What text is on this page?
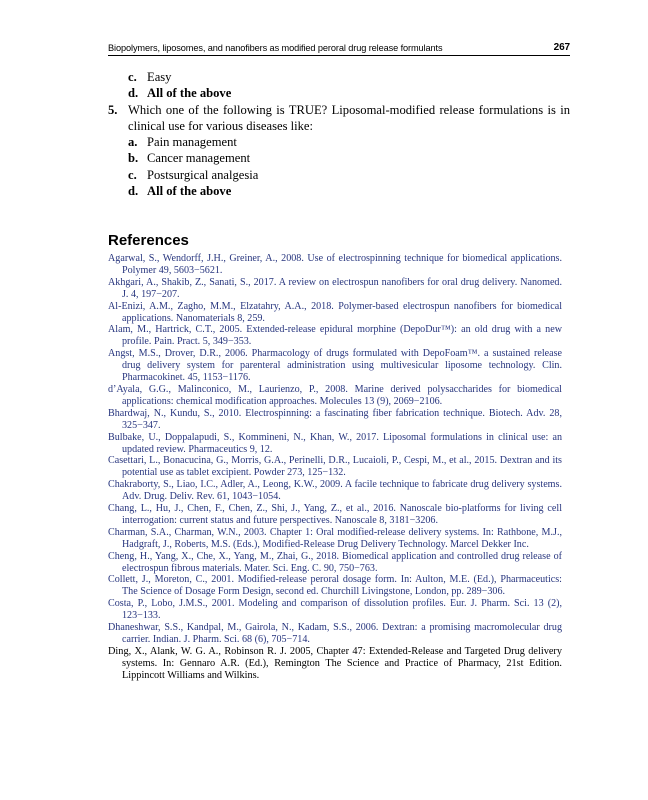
Biopolymers, liposomes, and nanofibers as modified peroral drug release formulants	267
c. Easy
d. All of the above
5. Which one of the following is TRUE? Liposomal-modified release formulations is in clinical use for various diseases like:
a. Pain management
b. Cancer management
c. Postsurgical analgesia
d. All of the above
References

Agarwal, S., Wendorff, J.H., Greiner, A., 2008. Use of electrospinning technique for biomedical applications. Polymer 49, 5603−5621.

Akhgari, A., Shakib, Z., Sanati, S., 2017. A review on electrospun nanofibers for oral drug delivery. Nanomed. J. 4, 197−207.

Al-Enizi, A.M., Zagho, M.M., Elzatahry, A.A., 2018. Polymer-based electrospun nanofibers for biomedical applications. Nanomaterials 8, 259.

Alam, M., Hartrick, C.T., 2005. Extended-release epidural morphine (DepoDur™): an old drug with a new profile. Pain. Pract. 5, 349−353.

Angst, M.S., Drover, D.R., 2006. Pharmacology of drugs formulated with DepoFoam™. a sustained release drug delivery system for parenteral administration using multivesicular liposome technology. Clin. Pharmacokinet. 45, 1153−1176.

d’Ayala, G.G., Malinconico, M., Laurienzo, P., 2008. Marine derived polysaccharides for biomedical applications: chemical modification approaches. Molecules 13 (9), 2069−2106.

Bhardwaj, N., Kundu, S., 2010. Electrospinning: a fascinating fiber fabrication technique. Biotech. Adv. 28, 325−347.

Bulbake, U., Doppalapudi, S., Kommineni, N., Khan, W., 2017. Liposomal formulations in clinical use: an updated review. Pharmaceutics 9, 12.

Casettari, L., Bonacucina, G., Morris, G.A., Perinelli, D.R., Lucaioli, P., Cespi, M., et al., 2015. Dextran and its potential use as tablet excipient. Powder 273, 125−132.

Chakraborty, S., Liao, I.C., Adler, A., Leong, K.W., 2009. A facile technique to fabricate drug delivery systems. Adv. Drug. Deliv. Rev. 61, 1043−1054.

Chang, L., Hu, J., Chen, F., Chen, Z., Shi, J., Yang, Z., et al., 2016. Nanoscale bio-platforms for living cell interrogation: current status and future perspectives. Nanoscale 8, 3181−3206.

Charman, S.A., Charman, W.N., 2003. Chapter 1: Oral modified-release delivery systems. In: Rathbone, M.J., Hadgraft, J., Roberts, M.S. (Eds.), Modified-Release Drug Delivery Technology. Marcel Dekker Inc.

Cheng, H., Yang, X., Che, X., Yang, M., Zhai, G., 2018. Biomedical application and controlled drug release of electrospun fibrous materials. Mater. Sci. Eng. C. 90, 750−763.

Collett, J., Moreton, C., 2001. Modified-release peroral dosage form. In: Aulton, M.E. (Ed.), Pharmaceutics: The Science of Dosage Form Design, second ed. Churchill Livingstone, London, pp. 289−306.

Costa, P., Lobo, J.M.S., 2001. Modeling and comparison of dissolution profiles. Eur. J. Pharm. Sci. 13 (2), 123−133.

Dhaneshwar, S.S., Kandpal, M., Gairola, N., Kadam, S.S., 2006. Dextran: a promising macromolecular drug carrier. Indian. J. Pharm. Sci. 68 (6), 705−714.

Ding, X., Alank, W. G. A., Robinson R. J. 2005, Chapter 47: Extended-Release and Targeted Drug delivery systems. In: Gennaro A.R. (Ed.), Remington The Science and Practice of Pharmacy, 21st Edition. Lippincott Williams and Wilkins.
